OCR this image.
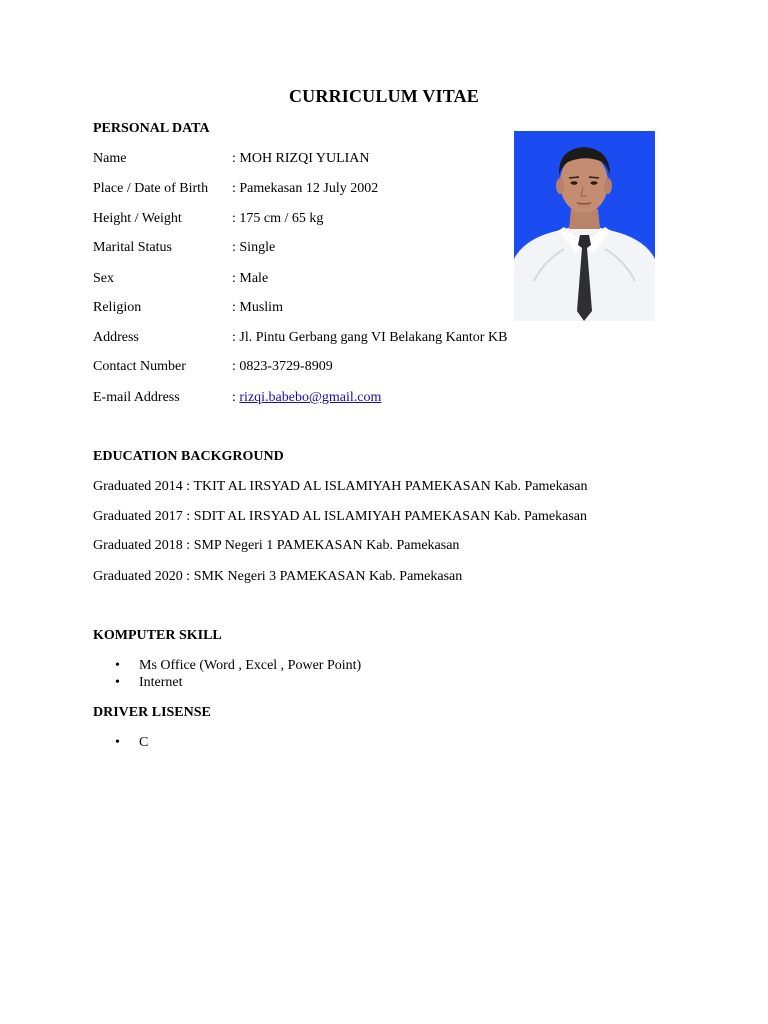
CURRICULUM VITAE
PERSONAL DATA
Name	: MOH RIZQI YULIAN
Place / Date of Birth : Pamekasan 12 July 2002
Height / Weight	: 175 cm / 65 kg
Marital Status	: Single
Sex	: Male
Religion	: Muslim
Address	: Jl. Pintu Gerbang gang VI Belakang Kantor KB
Contact Number	: 0823-3729-8909
E-mail Address	: rizqi.babebo@gmail.com
EDUCATION BACKGROUND
Graduated 2014 : TKIT AL IRSYAD AL ISLAMIYAH PAMEKASAN Kab. Pamekasan
Graduated 2017 : SDIT AL IRSYAD AL ISLAMIYAH PAMEKASAN Kab. Pamekasan
Graduated 2018 : SMP Negeri 1 PAMEKASAN Kab. Pamekasan
Graduated 2020 : SMK Negeri 3 PAMEKASAN Kab. Pamekasan
KOMPUTER SKILL
• Ms Office (Word , Excel , Power Point)
• Internet
DRIVER LISENSE
• C
